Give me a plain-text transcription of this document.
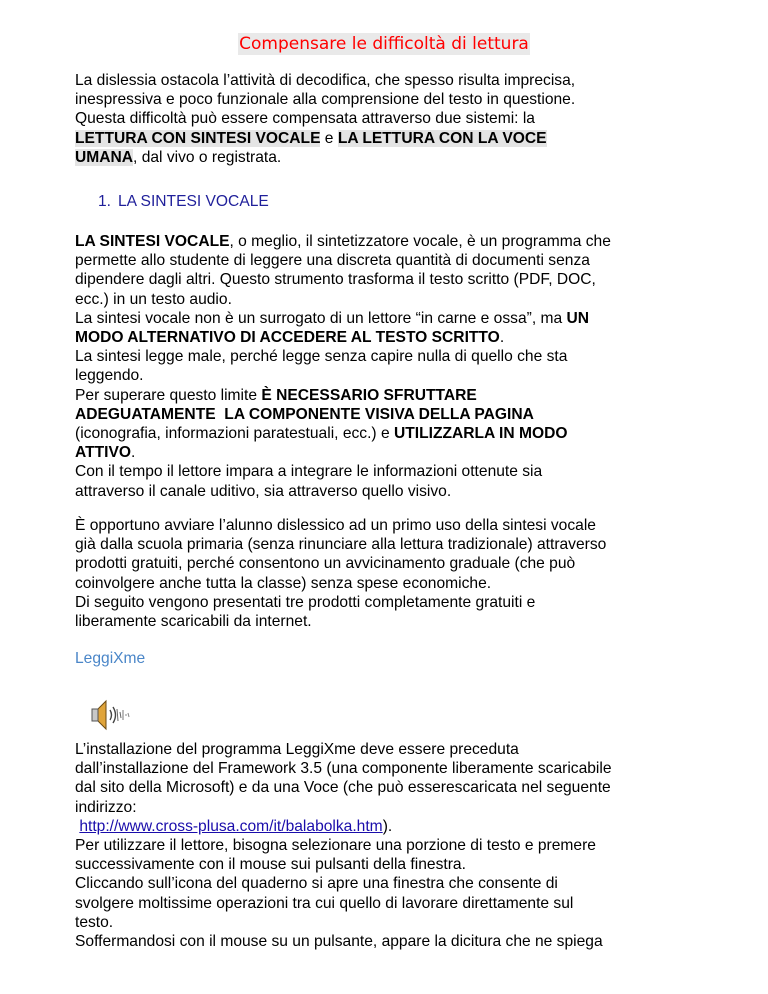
Compensare le difficoltà di lettura
La dislessia ostacola l’attività di decodifica, che spesso risulta imprecisa,
inespressiva e poco funzionale alla comprensione del testo in questione.
Questa difficoltà può essere compensata attraverso due sistemi: la
LETTURA CON SINTESI VOCALE e LA LETTURA CON LA VOCE
UMANA, dal vivo o registrata.
1. LA SINTESI VOCALE
LA SINTESI VOCALE, o meglio, il sintetizzatore vocale, è un programma che
permette allo studente di leggere una discreta quantità di documenti senza
dipendere dagli altri. Questo strumento trasforma il testo scritto (PDF, DOC,
ecc.) in un testo audio.
La sintesi vocale non è un surrogato di un lettore “in carne e ossa”, ma UN
MODO ALTERNATIVO DI ACCEDERE AL TESTO SCRITTO.
La sintesi legge male, perché legge senza capire nulla di quello che sta
leggendo.
Per superare questo limite È NECESSARIO SFRUTTARE
ADEGUATAMENTE  LA COMPONENTE VISIVA DELLA PAGINA
(iconografia, informazioni paratestuali, ecc.) e UTILIZZARLA IN MODO
ATTIVO.
Con il tempo il lettore impara a integrare le informazioni ottenute sia
attraverso il canale uditivo, sia attraverso quello visivo.
È opportuno avviare l’alunno dislessico ad un primo uso della sintesi vocale
già dalla scuola primaria (senza rinunciare alla lettura tradizionale) attraverso
prodotti gratuiti, perché consentono un avvicinamento graduale (che può
coinvolgere anche tutta la classe) senza spese economiche.
Di seguito vengono presentati tre prodotti completamente gratuiti e
liberamente scaricabili da internet.
LeggiXme
L’installazione del programma LeggiXme deve essere preceduta
dall’installazione del Framework 3.5 (una componente liberamente scaricabile
dal sito della Microsoft) e da una Voce (che può esserescaricata nel seguente
indirizzo:
http://www.cross-plusa.com/it/balabolka.htm).
Per utilizzare il lettore, bisogna selezionare una porzione di testo e premere
successivamente con il mouse sui pulsanti della finestra.
Cliccando sull’icona del quaderno si apre una finestra che consente di
svolgere moltissime operazioni tra cui quello di lavorare direttamente sul
testo.
Soffermandosi con il mouse su un pulsante, appare la dicitura che ne spiega
